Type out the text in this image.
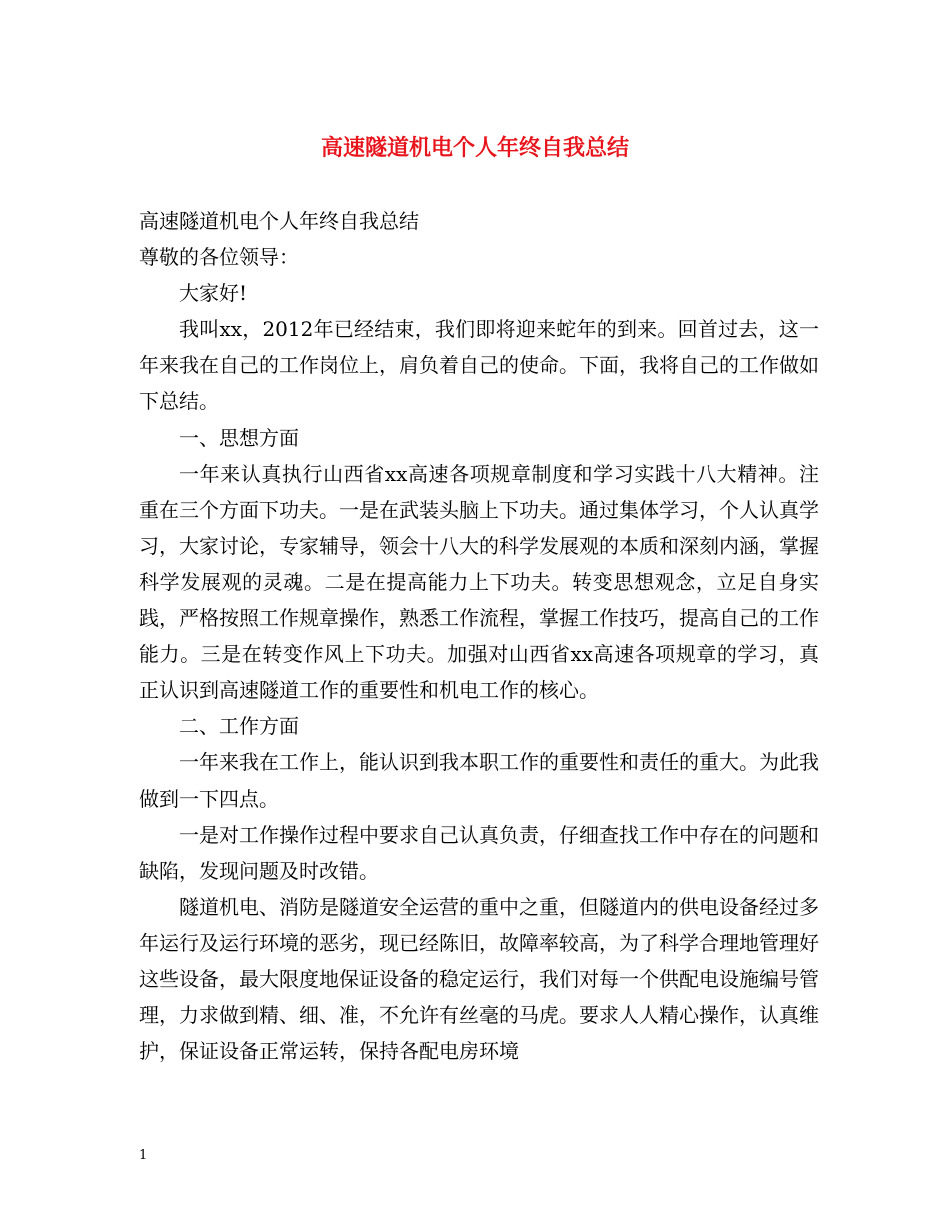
高速隧道机电个人年终自我总结

高速隧道机电个人年终自我总结

尊敬的各位领导：

大家好!

我叫xx，2012年已经结束，我们即将迎来蛇年的到来。回首过去，这一年来我在自己的工作岗位上，肩负着自己的使命。下面，我将自己的工作做如下总结。

一、思想方面

一年来认真执行山西省xx高速各项规章制度和学习实践十八大精神。注重在三个方面下功夫。一是在武装头脑上下功夫。通过集体学习，个人认真学习，大家讨论，专家辅导，领会十八大的科学发展观的本质和深刻内涵，掌握科学发展观的灵魂。二是在提高能力上下功夫。转变思想观念，立足自身实践，严格按照工作规章操作，熟悉工作流程，掌握工作技巧，提高自己的工作能力。三是在转变作风上下功夫。加强对山西省xx高速各项规章的学习，真正认识到高速隧道工作的重要性和机电工作的核心。

二、工作方面

一年来我在工作上，能认识到我本职工作的重要性和责任的重大。为此我做到一下四点。

一是对工作操作过程中要求自己认真负责，仔细查找工作中存在的问题和缺陷，发现问题及时改错。

隧道机电、消防是隧道安全运营的重中之重，但隧道内的供电设备经过多年运行及运行环境的恶劣，现已经陈旧，故障率较高，为了科学合理地管理好这些设备，最大限度地保证设备的稳定运行，我们对每一个供配电设施编号管理，力求做到精、细、准，不允许有丝毫的马虎。要求人人精心操作，认真维护，保证设备正常运转，保持各配电房环境

1
